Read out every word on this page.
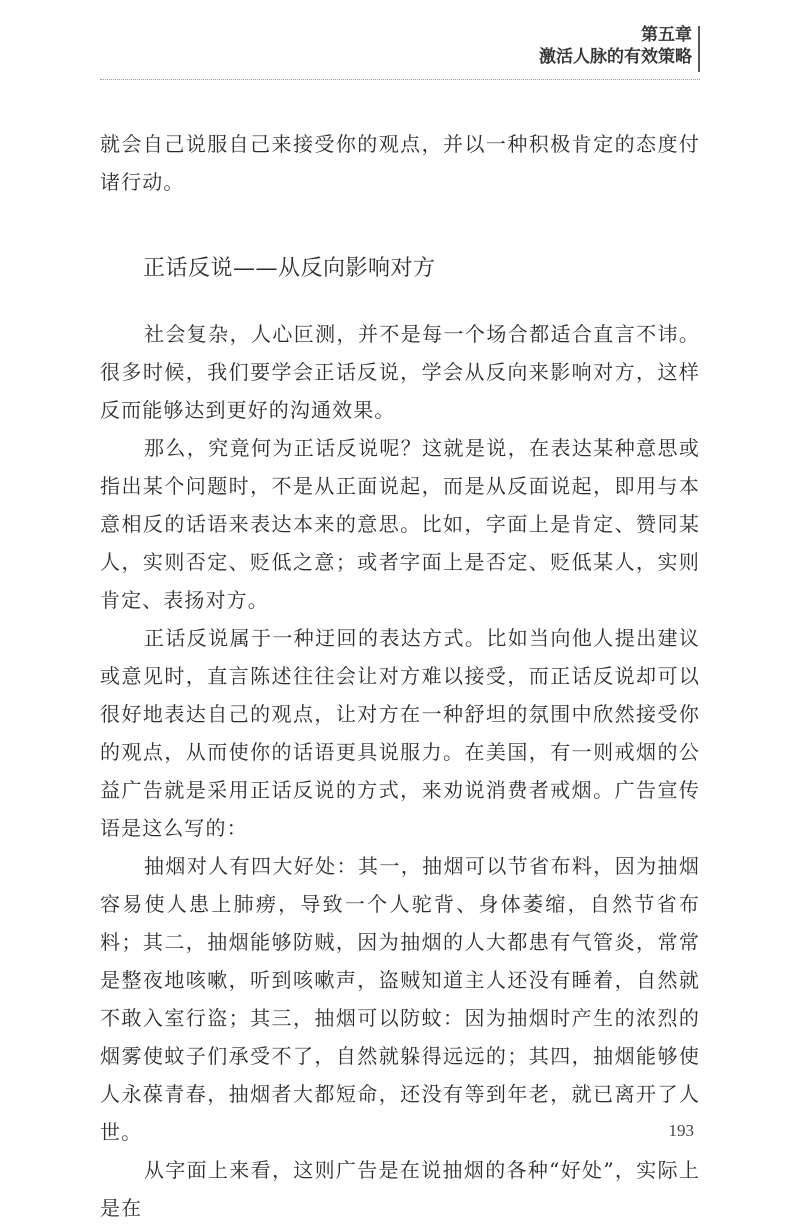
第五章
激活人脉的有效策略

就会自己说服自己来接受你的观点，并以一种积极肯定的态度付诸行动。

正话反说——从反向影响对方

社会复杂，人心叵测，并不是每一个场合都适合直言不讳。很多时候，我们要学会正话反说，学会从反向来影响对方，这样反而能够达到更好的沟通效果。

那么，究竟何为正话反说呢？这就是说，在表达某种意思或指出某个问题时，不是从正面说起，而是从反面说起，即用与本意相反的话语来表达本来的意思。比如，字面上是肯定、赞同某人，实则否定、贬低之意；或者字面上是否定、贬低某人，实则肯定、表扬对方。

正话反说属于一种迂回的表达方式。比如当向他人提出建议或意见时，直言陈述往往会让对方难以接受，而正话反说却可以很好地表达自己的观点，让对方在一种舒坦的氛围中欣然接受你的观点，从而使你的话语更具说服力。在美国，有一则戒烟的公益广告就是采用正话反说的方式，来劝说消费者戒烟。广告宣传语是这么写的：

抽烟对人有四大好处：其一，抽烟可以节省布料，因为抽烟容易使人患上肺痨，导致一个人驼背、身体萎缩，自然节省布料；其二，抽烟能够防贼，因为抽烟的人大都患有气管炎，常常是整夜地咳嗽，听到咳嗽声，盗贼知道主人还没有睡着，自然就不敢入室行盗；其三，抽烟可以防蚊：因为抽烟时产生的浓烈的烟雾使蚊子们承受不了，自然就躲得远远的；其四，抽烟能够使人永葆青春，抽烟者大都短命，还没有等到年老，就已离开了人世。

从字面上来看，这则广告是在说抽烟的各种“好处”，实际上是在

193
